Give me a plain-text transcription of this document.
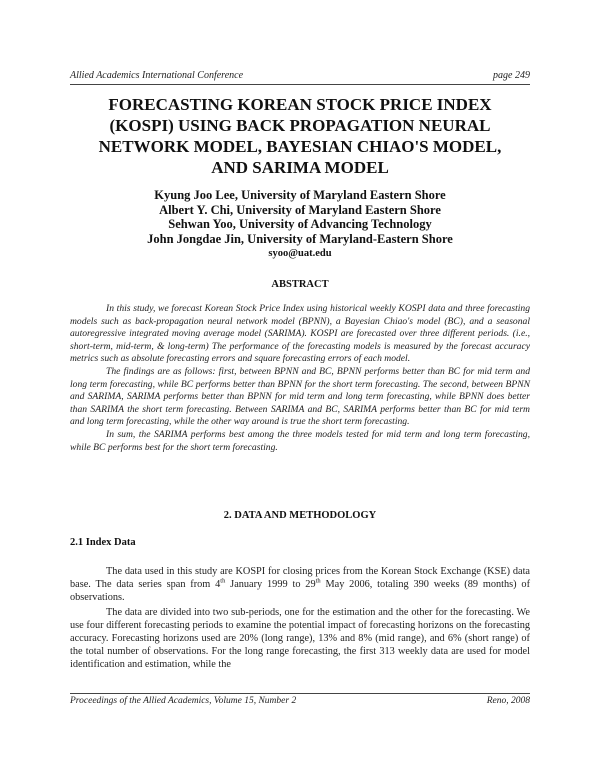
Allied Academics International Conference	page 249
FORECASTING KOREAN STOCK PRICE INDEX
(KOSPI) USING BACK PROPAGATION NEURAL
NETWORK MODEL, BAYESIAN CHIAO'S MODEL,
AND SARIMA MODEL
Kyung Joo Lee, University of Maryland Eastern Shore
Albert Y. Chi, University of Maryland Eastern Shore
Sehwan Yoo, University of Advancing Technology
John Jongdae Jin, University of Maryland-Eastern Shore
syoo@uat.edu
ABSTRACT

In this study, we forecast Korean Stock Price Index using historical weekly KOSPI data and three forecasting models such as back-propagation neural network model (BPNN), a Bayesian Chiao's model (BC), and a seasonal autoregressive integrated moving average model (SARIMA). KOSPI are forecasted over three different periods. (i.e., short-term, mid-term, & long-term) The performance of the forecasting models is measured by the forecast accuracy metrics such as absolute forecasting errors and square forecasting errors of each model.

The findings are as follows: first, between BPNN and BC, BPNN performs better than BC for mid term and long term forecasting, while BC performs better than BPNN for the short term forecasting. The second, between BPNN and SARIMA, SARIMA performs better than BPNN for mid term and long term forecasting, while BPNN does better than SARIMA the short term forecasting. Between SARIMA and BC, SARIMA performs better than BC for mid term and long term forecasting, while the other way around is true the short term forecasting.

In sum, the SARIMA performs best among the three models tested for mid term and long term forecasting, while BC performs best for the short term forecasting.

2. DATA AND METHODOLOGY
2.1 Index Data

The data used in this study are KOSPI for closing prices from the Korean Stock Exchange (KSE) data base. The data series span from 4th January 1999 to 29th May 2006, totaling 390 weeks (89 months) of observations.

The data are divided into two sub-periods, one for the estimation and the other for the forecasting. We use four different forecasting periods to examine the potential impact of forecasting horizons on the forecasting accuracy. Forecasting horizons used are 20% (long range), 13% and 8% (mid range), and 6% (short range) of the total number of observations. For the long range forecasting, the first 313 weekly data are used for model identification and estimation, while the

Proceedings of the Allied Academics, Volume 15, Number 2	Reno, 2008
